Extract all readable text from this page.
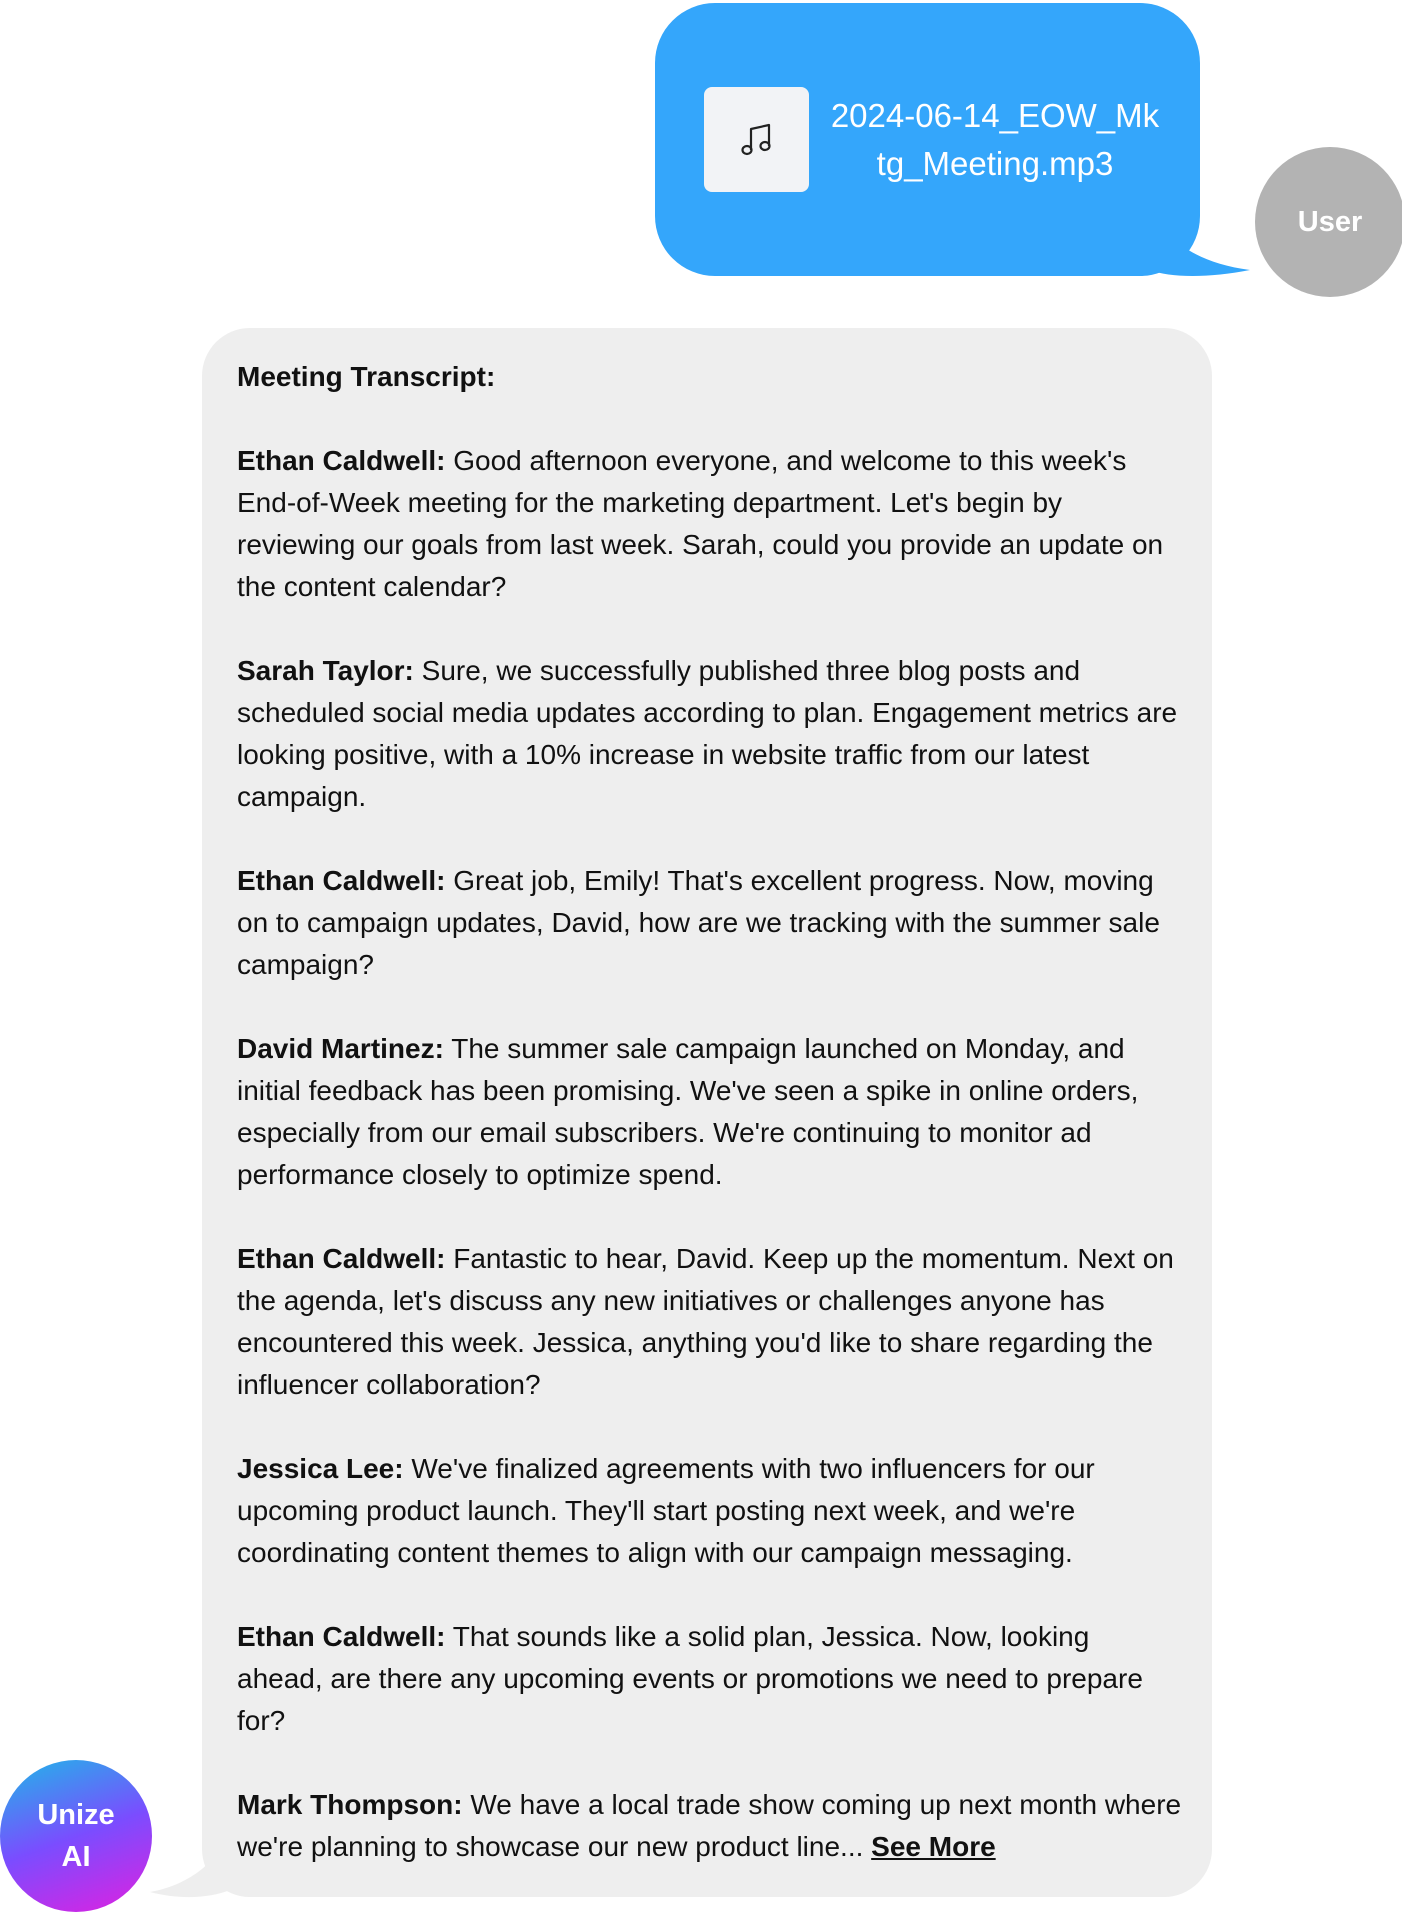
2024-06-14_EOW_Mktg_Meeting.mp3
User
Meeting Transcript:
Ethan Caldwell: Good afternoon everyone, and welcome to this week's End-of-Week meeting for the marketing department. Let's begin by reviewing our goals from last week. Sarah, could you provide an update on the content calendar?
Sarah Taylor: Sure, we successfully published three blog posts and scheduled social media updates according to plan. Engagement metrics are looking positive, with a 10% increase in website traffic from our latest campaign.
Ethan Caldwell: Great job, Emily! That's excellent progress. Now, moving on to campaign updates, David, how are we tracking with the summer sale campaign?
David Martinez: The summer sale campaign launched on Monday, and initial feedback has been promising. We've seen a spike in online orders, especially from our email subscribers. We're continuing to monitor ad performance closely to optimize spend.
Ethan Caldwell: Fantastic to hear, David. Keep up the momentum. Next on the agenda, let's discuss any new initiatives or challenges anyone has encountered this week. Jessica, anything you'd like to share regarding the influencer collaboration?
Jessica Lee: We've finalized agreements with two influencers for our upcoming product launch. They'll start posting next week, and we're coordinating content themes to align with our campaign messaging.
Ethan Caldwell: That sounds like a solid plan, Jessica. Now, looking ahead, are there any upcoming events or promotions we need to prepare for?
Mark Thompson: We have a local trade show coming up next month where we're planning to showcase our new product line... See More
Unize
AI
